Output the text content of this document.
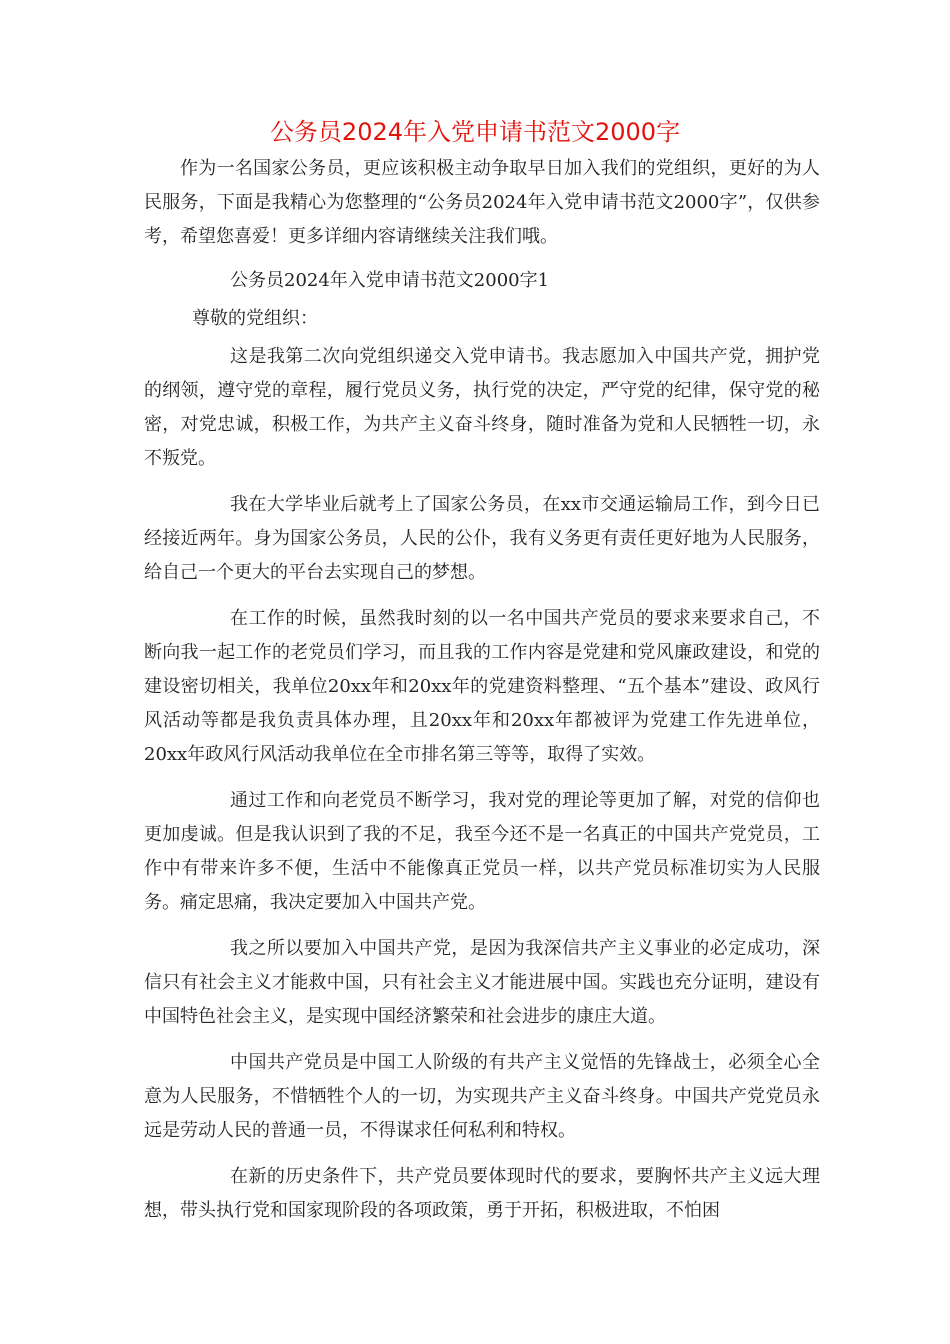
公务员2024年入党申请书范文2000字

作为一名国家公务员，更应该积极主动争取早日加入我们的党组织，更好的为人民服务，下面是我精心为您整理的“公务员2024年入党申请书范文2000字”，仅供参考，希望您喜爱！更多详细内容请继续关注我们哦。

公务员2024年入党申请书范文2000字1

尊敬的党组织：

这是我第二次向党组织递交入党申请书。我志愿加入中国共产党，拥护党的纲领，遵守党的章程，履行党员义务，执行党的决定，严守党的纪律，保守党的秘密，对党忠诚，积极工作，为共产主义奋斗终身，随时准备为党和人民牺牲一切，永不叛党。

我在大学毕业后就考上了国家公务员，在xx市交通运输局工作，到今日已经接近两年。身为国家公务员，人民的公仆，我有义务更有责任更好地为人民服务，给自己一个更大的平台去实现自己的梦想。

在工作的时候，虽然我时刻的以一名中国共产党员的要求来要求自己，不断向我一起工作的老党员们学习，而且我的工作内容是党建和党风廉政建设，和党的建设密切相关，我单位20xx年和20xx年的党建资料整理、“五个基本”建设、政风行风活动等都是我负责具体办理，且20xx年和20xx年都被评为党建工作先进单位，20xx年政风行风活动我单位在全市排名第三等等，取得了实效。

通过工作和向老党员不断学习，我对党的理论等更加了解，对党的信仰也更加虔诚。但是我认识到了我的不足，我至今还不是一名真正的中国共产党党员，工作中有带来许多不便，生活中不能像真正党员一样，以共产党员标准切实为人民服务。痛定思痛，我决定要加入中国共产党。

我之所以要加入中国共产党，是因为我深信共产主义事业的必定成功，深信只有社会主义才能救中国，只有社会主义才能进展中国。实践也充分证明，建设有中国特色社会主义，是实现中国经济繁荣和社会进步的康庄大道。

中国共产党员是中国工人阶级的有共产主义觉悟的先锋战士，必须全心全意为人民服务，不惜牺牲个人的一切，为实现共产主义奋斗终身。中国共产党党员永远是劳动人民的普通一员，不得谋求任何私利和特权。

在新的历史条件下，共产党员要体现时代的要求，要胸怀共产主义远大理想，带头执行党和国家现阶段的各项政策，勇于开拓，积极进取，不怕困
